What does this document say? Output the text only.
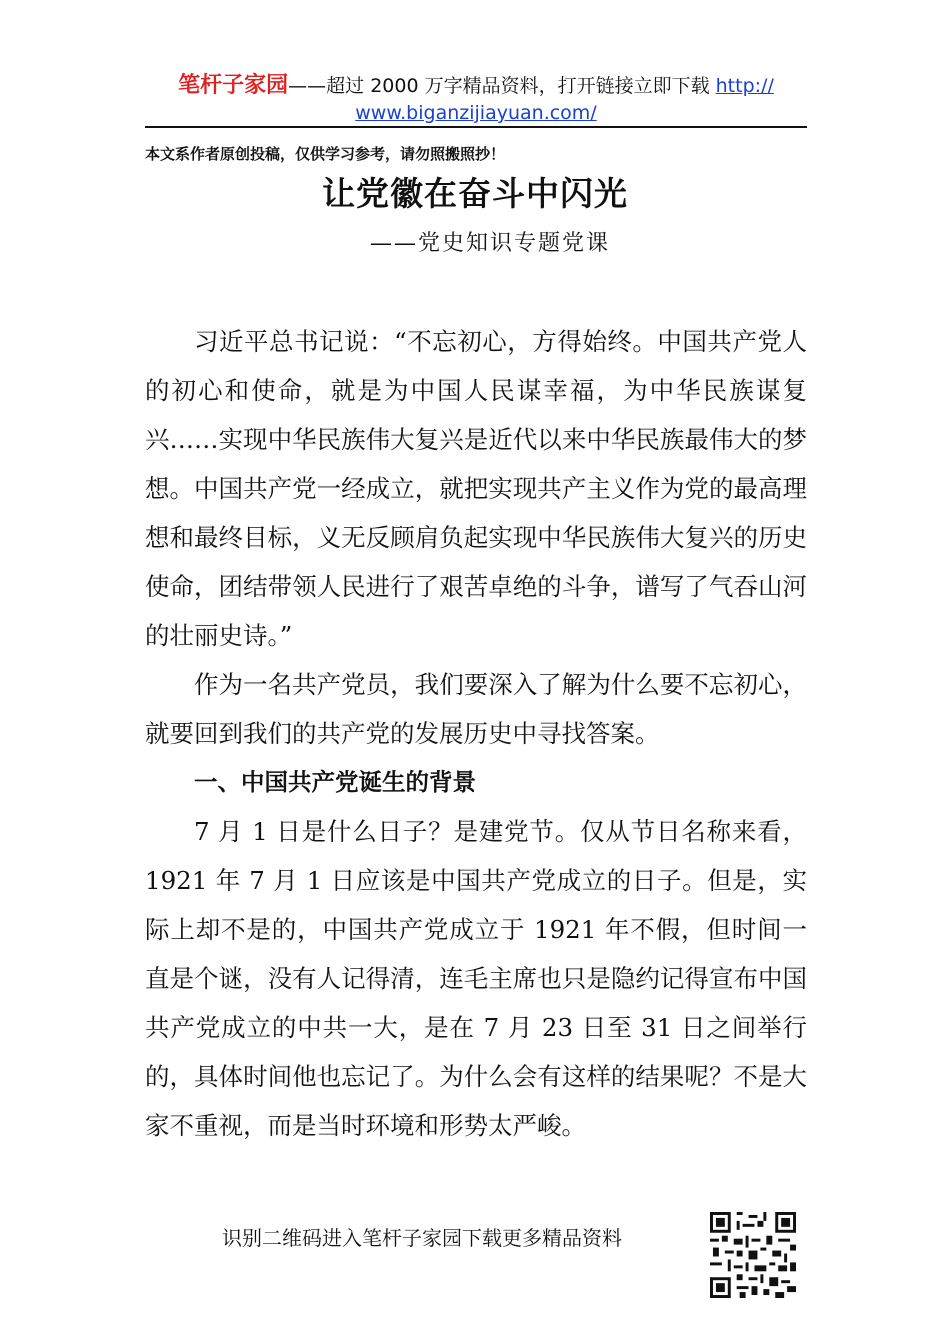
笔杆子家园——超过 2000 万字精品资料，打开链接立即下载 http://
www.biganzijiayuan.com/
本文系作者原创投稿，仅供学习参考，请勿照搬照抄！
让党徽在奋斗中闪光
——党史知识专题党课

习近平总书记说：“不忘初心，方得始终。中国共产党人的初心和使命，就是为中国人民谋幸福，为中华民族谋复兴……实现中华民族伟大复兴是近代以来中华民族最伟大的梦想。中国共产党一经成立，就把实现共产主义作为党的最高理想和最终目标，义无反顾肩负起实现中华民族伟大复兴的历史使命，团结带领人民进行了艰苦卓绝的斗争，谱写了气吞山河的壮丽史诗。”

作为一名共产党员，我们要深入了解为什么要不忘初心，就要回到我们的共产党的发展历史中寻找答案。

一、中国共产党诞生的背景

7 月 1 日是什么日子？是建党节。仅从节日名称来看，1921 年 7 月 1 日应该是中国共产党成立的日子。但是，实际上却不是的，中国共产党成立于 1921 年不假，但时间一直是个谜，没有人记得清，连毛主席也只是隐约记得宣布中国共产党成立的中共一大，是在 7 月 23 日至 31 日之间举行的，具体时间他也忘记了。为什么会有这样的结果呢？不是大家不重视，而是当时环境和形势太严峻。

识别二维码进入笔杆子家园下载更多精品资料
